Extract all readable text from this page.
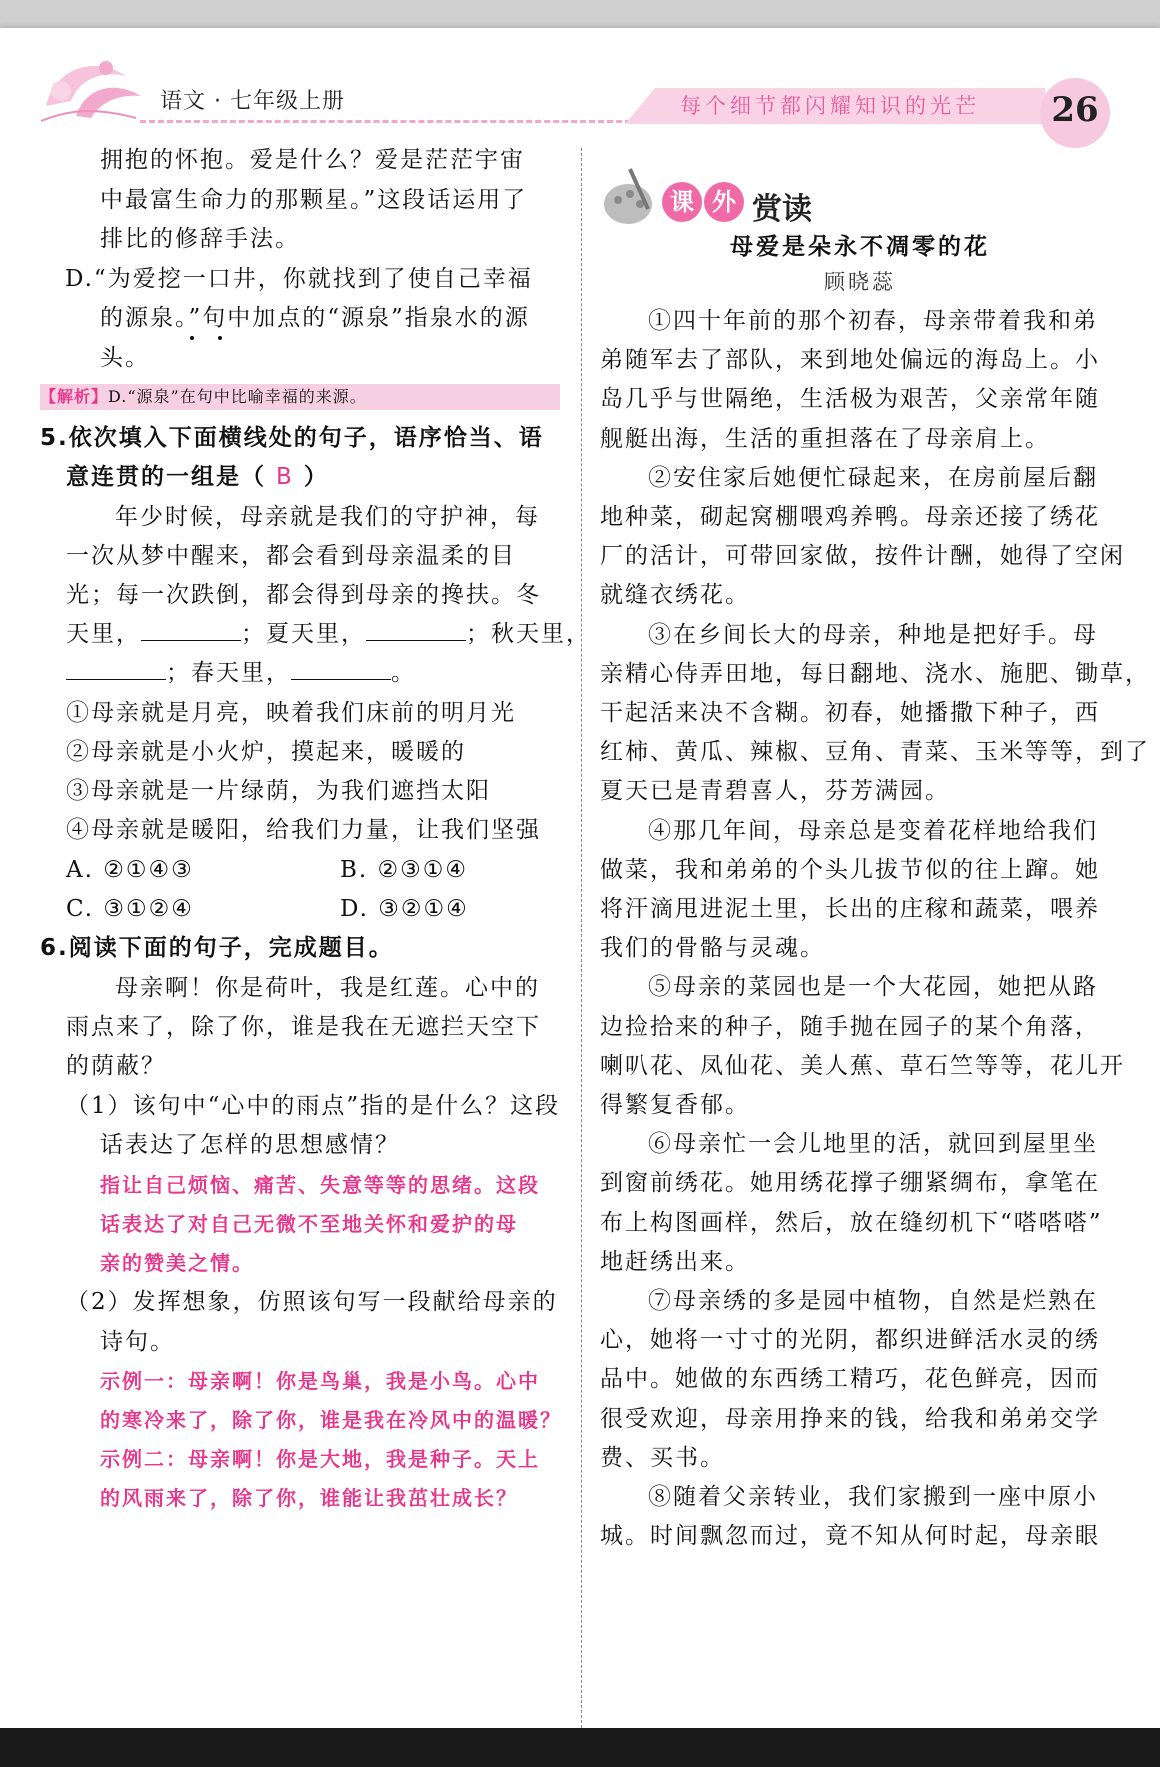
语文 · 七年级上册	每个细节都闪耀知识的光芒	26
拥抱的怀抱。爱是什么？爱是茫茫宇宙
中最富生命力的那颗星。”这段话运用了
排比的修辞手法。
D.“为爱挖一口井，你就找到了使自己幸福
的源泉。”句中加点的“源泉”指泉水的源
头。
【解析】D.“源泉”在句中比喻幸福的来源。
5.依次填入下面横线处的句子，语序恰当、语
意连贯的一组是（ B ）
年少时候，母亲就是我们的守护神，每
一次从梦中醒来，都会看到母亲温柔的目
光；每一次跌倒，都会得到母亲的搀扶。冬
天里，	；夏天里，	；秋天里，
；春天里，	。
①母亲就是月亮，映着我们床前的明月光
②母亲就是小火炉，摸起来，暖暖的
③母亲就是一片绿荫，为我们遮挡太阳
④母亲就是暖阳，给我们力量，让我们坚强
A. ②①④③	B. ②③①④
C. ③①②④	D. ③②①④
6.阅读下面的句子，完成题目。
母亲啊！你是荷叶，我是红莲。心中的
雨点来了，除了你，谁是我在无遮拦天空下
的荫蔽？
（1）该句中“心中的雨点”指的是什么？这段
话表达了怎样的思想感情？
指让自己烦恼、痛苦、失意等等的思绪。这段
话表达了对自己无微不至地关怀和爱护的母
亲的赞美之情。
（2）发挥想象，仿照该句写一段献给母亲的
诗句。
示例一：母亲啊！你是鸟巢，我是小鸟。心中
的寒冷来了，除了你，谁是我在冷风中的温暖？
示例二：母亲啊！你是大地，我是种子。天上
的风雨来了，除了你，谁能让我茁壮成长？
课 外 赏读
母爱是朵永不凋零的花
顾晓蕊
①四十年前的那个初春，母亲带着我和弟
弟随军去了部队，来到地处偏远的海岛上。小
岛几乎与世隔绝，生活极为艰苦，父亲常年随
舰艇出海，生活的重担落在了母亲肩上。
②安住家后她便忙碌起来，在房前屋后翻
地种菜，砌起窝棚喂鸡养鸭。母亲还接了绣花
厂的活计，可带回家做，按件计酬，她得了空闲
就缝衣绣花。
③在乡间长大的母亲，种地是把好手。母
亲精心侍弄田地，每日翻地、浇水、施肥、锄草，
干起活来决不含糊。初春，她播撒下种子，西
红柿、黄瓜、辣椒、豆角、青菜、玉米等等，到了
夏天已是青碧喜人，芬芳满园。
④那几年间，母亲总是变着花样地给我们
做菜，我和弟弟的个头儿拔节似的往上蹿。她
将汗滴甩进泥土里，长出的庄稼和蔬菜，喂养
我们的骨骼与灵魂。
⑤母亲的菜园也是一个大花园，她把从路
边捡拾来的种子，随手抛在园子的某个角落，
喇叭花、凤仙花、美人蕉、草石竺等等，花儿开
得繁复香郁。
⑥母亲忙一会儿地里的活，就回到屋里坐
到窗前绣花。她用绣花撑子绷紧绸布，拿笔在
布上构图画样，然后，放在缝纫机下“嗒嗒嗒”
地赶绣出来。
⑦母亲绣的多是园中植物，自然是烂熟在
心，她将一寸寸的光阴，都织进鲜活水灵的绣
品中。她做的东西绣工精巧，花色鲜亮，因而
很受欢迎，母亲用挣来的钱，给我和弟弟交学
费、买书。
⑧随着父亲转业，我们家搬到一座中原小
城。时间飘忽而过，竟不知从何时起，母亲眼
